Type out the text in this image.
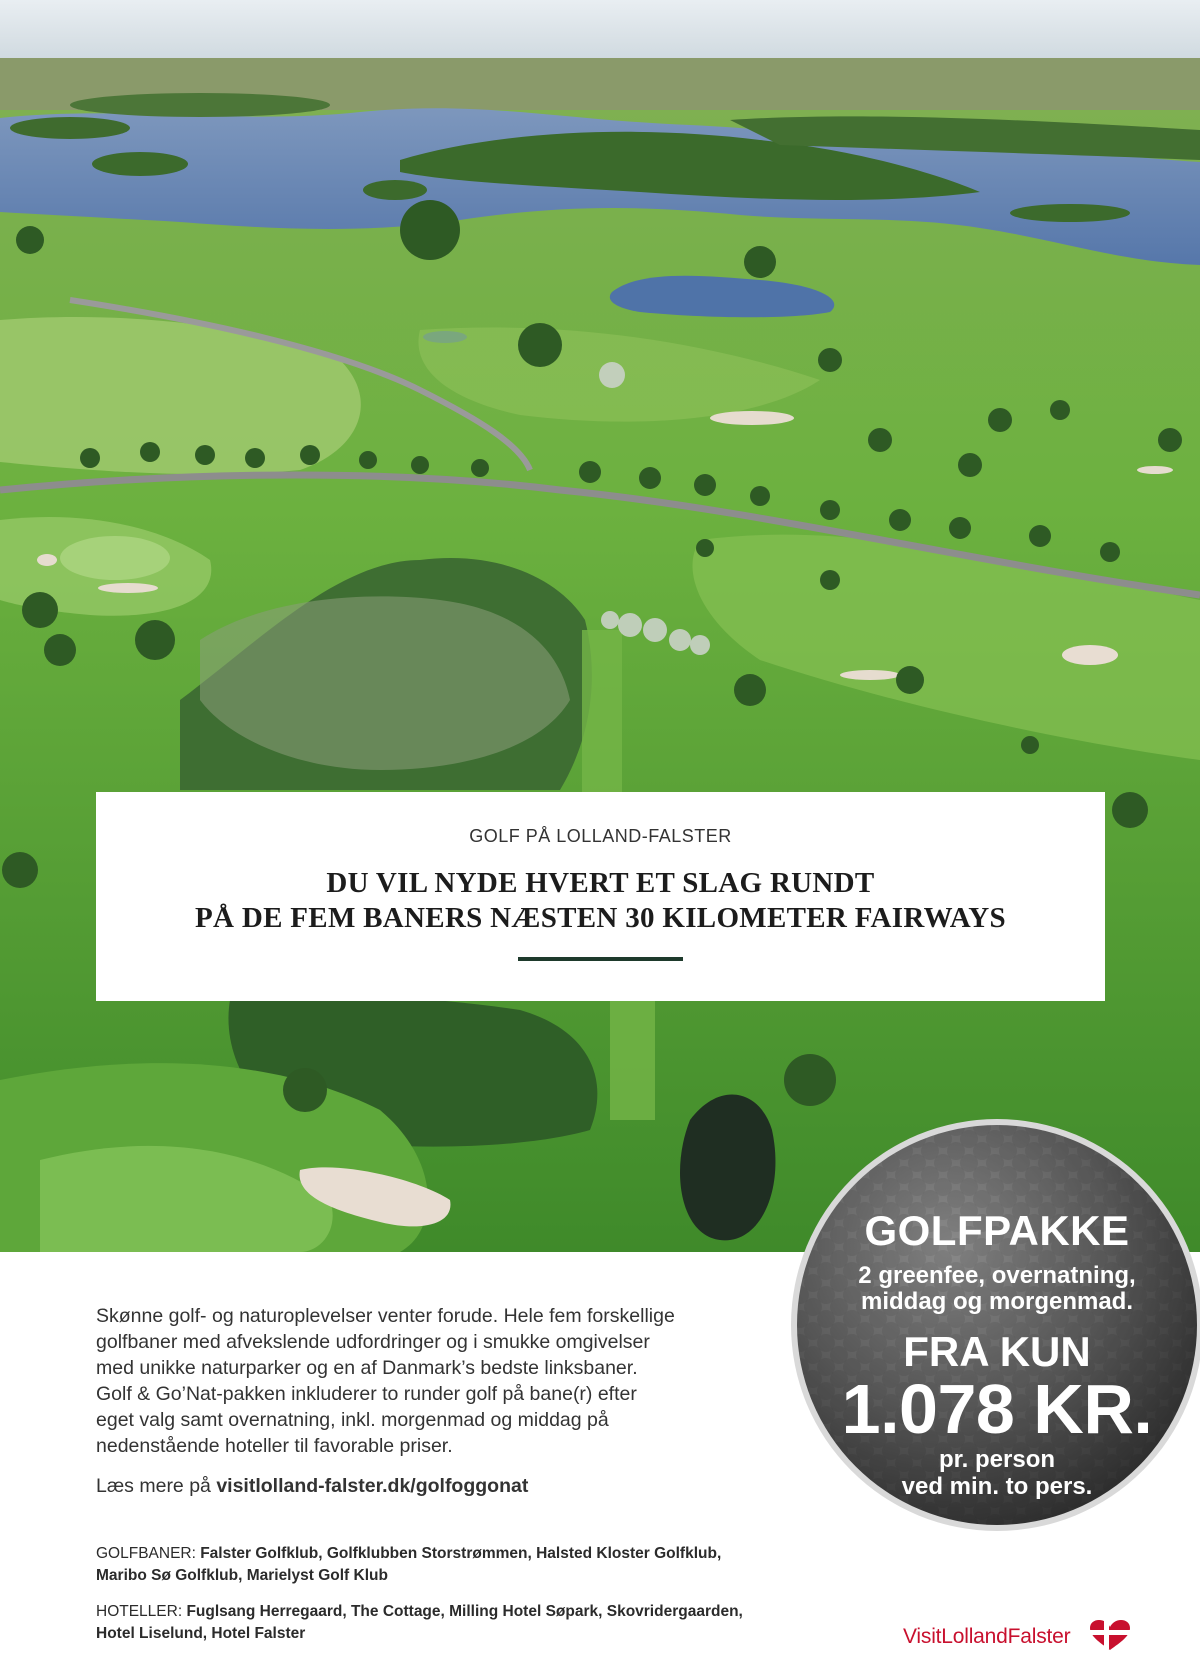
GOLF PÅ LOLLAND-FALSTER
DU VIL NYDE HVERT ET SLAG RUNDT
PÅ DE FEM BANERS NÆSTEN 30 KILOMETER FAIRWAYS
Skønne golf- og naturoplevelser venter forude. Hele fem forskellige
golfbaner med afvekslende udfordringer og i smukke omgivelser
med unikke naturparker og en af Danmark’s bedste linksbaner.
Golf & Go’Nat-pakken inkluderer to runder golf på bane(r) efter
eget valg samt overnatning, inkl. morgenmad og middag på
nedenstående hoteller til favorable priser.
Læs mere på visitlolland-falster.dk/golfoggonat
GOLFBANER: Falster Golfklub, Golfklubben Storstrømmen, Halsted Kloster Golfklub,
Maribo Sø Golfklub, Marielyst Golf Klub
HOTELLER: Fuglsang Herregaard, The Cottage, Milling Hotel Søpark, Skovridergaarden,
Hotel Liselund, Hotel Falster
GOLFPAKKE
2 greenfee, overnatning,
middag og morgenmad.
FRA KUN
1.078 KR.
pr. person
ved min. to pers.
VisitLollandFalster
